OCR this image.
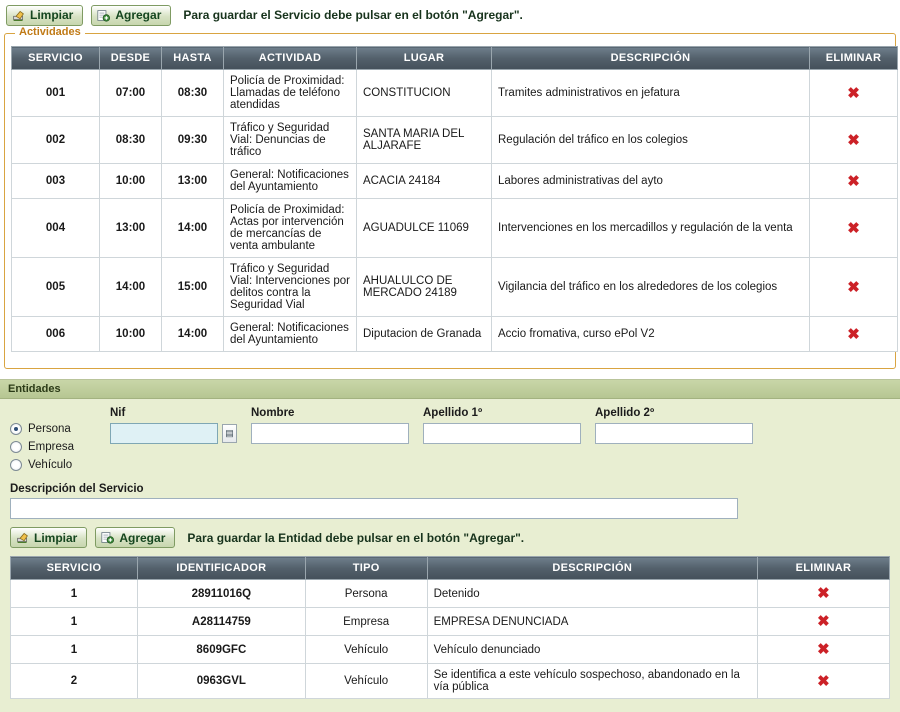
Limpiar	Agregar Para guardar el Servicio debe pulsar en el botón "Agregar".
Actividades
SERVICIO	DESDE	HASTA	ACTIVIDAD	LUGAR	DESCRIPCIÓN	ELIMINAR
001	07:00	08:30	Policía de Proximidad: Llamadas de teléfono atendidas	CONSTITUCION	Tramites administrativos en jefatura	✖
002	08:30	09:30	Tráfico y Seguridad Vial: Denuncias de tráfico	SANTA MARIA DEL ALJARAFE	Regulación del tráfico en los colegios	✖
003	10:00	13:00	General: Notificaciones del Ayuntamiento	ACACIA 24184	Labores administrativas del ayto	✖
004	13:00	14:00	Policía de Proximidad: Actas por intervención de mercancías de venta ambulante	AGUADULCE 11069	Intervenciones en los mercadillos y regulación de la venta	✖
005	14:00	15:00	Tráfico y Seguridad Vial: Intervenciones por delitos contra la Seguridad Vial	AHUALULCO DE MERCADO 24189	Vigilancia del tráfico en los alrededores de los colegios	✖
006	10:00	14:00	General: Notificaciones del Ayuntamiento	Diputacion de Granada	Accio fromativa, curso ePol V2	✖
Entidades
Persona
Empresa
Vehículo
Nif
▤
Nombre	Apellido 1º	Apellido 2º
Descripción del Servicio
Limpiar	Agregar Para guardar la Entidad debe pulsar en el botón "Agregar".
SERVICIO	IDENTIFICADOR	TIPO	DESCRIPCIÓN	ELIMINAR
1	28911016Q	Persona	Detenido	✖
1	A28114759	Empresa	EMPRESA DENUNCIADA	✖
1	8609GFC	Vehículo	Vehículo denunciado	✖
2	0963GVL	Vehículo	Se identifica a este vehículo sospechoso, abandonado en la vía pública	✖
